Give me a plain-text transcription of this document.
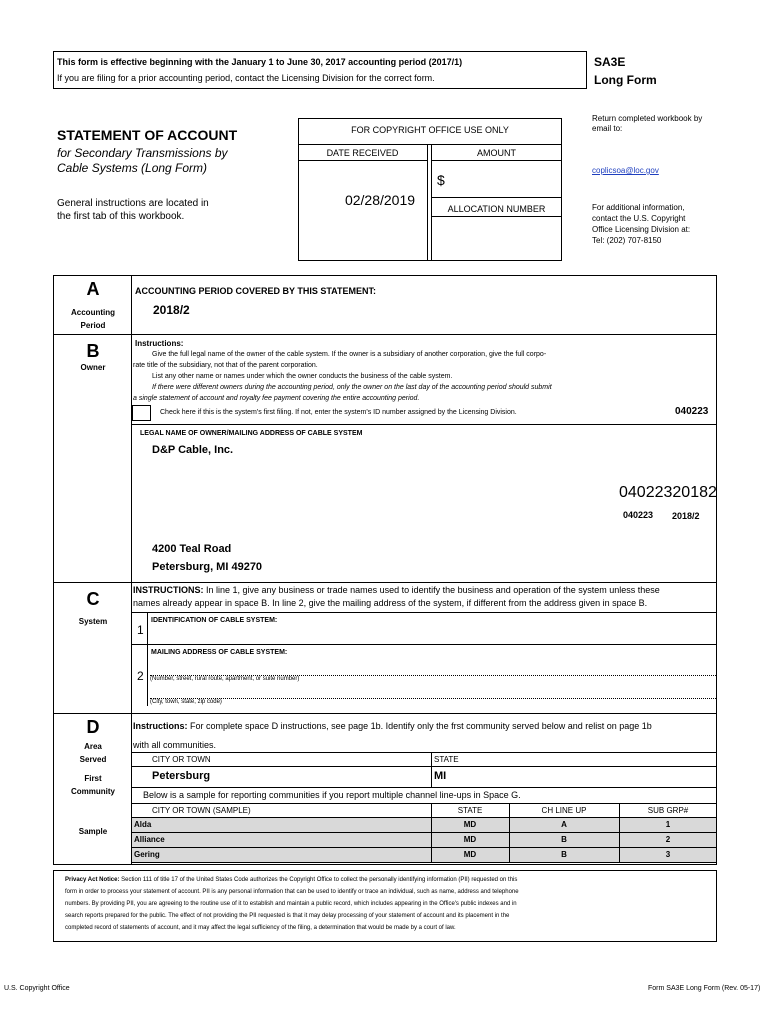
This form is effective beginning with the January 1 to June 30, 2017 accounting period (2017/1)
If you are filing for a prior accounting period, contact the Licensing Division for the correct form.
SA3E
Long Form
STATEMENT OF ACCOUNT
for Secondary Transmissions by
Cable Systems (Long Form)
General instructions are located in
the first tab of this workbook.
FOR COPYRIGHT OFFICE USE ONLY
DATE RECEIVED	AMOUNT
$
02/28/2019
ALLOCATION NUMBER
Return completed workbook by email to:
coplicsoa@loc.gov
For additional information,
contact the U.S. Copyright
Office Licensing Division at:
Tel: (202) 707-8150
A
Accounting
Period
ACCOUNTING PERIOD COVERED BY THIS STATEMENT:
2018/2
B
Owner
Instructions:
Give the full legal name of the owner of the cable system. If the owner is a subsidiary of another corporation, give the full corpo-
rate title of the subsidiary, not that of the parent corporation.
List any other name or names under which the owner conducts the business of the cable system.
If there were different owners during the accounting period, only the owner on the last day of the accounting period should submit
a single statement of account and royalty fee payment covering the entire accounting period.
Check here if this is the system's first filing. If not, enter the system's ID number assigned by the Licensing Division.	040223
LEGAL NAME OF OWNER/MAILING ADDRESS OF CABLE SYSTEM
D&P Cable, Inc.
04022320182
040223 2018/2
4200 Teal Road
Petersburg, MI 49270
C
System
INSTRUCTIONS: In line 1, give any business or trade names used to identify the business and operation of the system unless these
names already appear in space B. In line 2, give the mailing address of the system, if different from the address given in space B.
1
IDENTIFICATION OF CABLE SYSTEM:
MAILING ADDRESS OF CABLE SYSTEM:
2 (Number, street, rural route, apartment, or suite number)
(City, town, state, zip code)
D
Area
Served
First
Community
Sample
Instructions: For complete space D instructions, see page 1b. Identify only the frst community served below and relist on page 1b
with all communities.
CITY OR TOWN	STATE
Petersburg	MI
Below is a sample for reporting communities if you report multiple channel line-ups in Space G.
CITY OR TOWN (SAMPLE)	STATE	CH LINE UP	SUB GRP#
Alda	MD	A	1
Alliance	MD	B	2
Gering	MD	B	3
Privacy Act Notice: Section 111 of title 17 of the United States Code authorizes the Copyright Office to collect the personally identifying information (PII) requested on this
form in order to process your statement of account. PII is any personal information that can be used to identify or trace an individual, such as name, address and telephone
numbers. By providing PII, you are agreeing to the routine use of it to establish and maintain a public record, which includes appearing in the Office's public indexes and in
search reports prepared for the public. The effect of not providing the PII requested is that it may delay processing of your statement of account and its placement in the
completed record of statements of account, and it may affect the legal sufficiency of the filing, a determination that would be made by a court of law.
U.S. Copyright Office	Form SA3E Long Form (Rev. 05-17)
